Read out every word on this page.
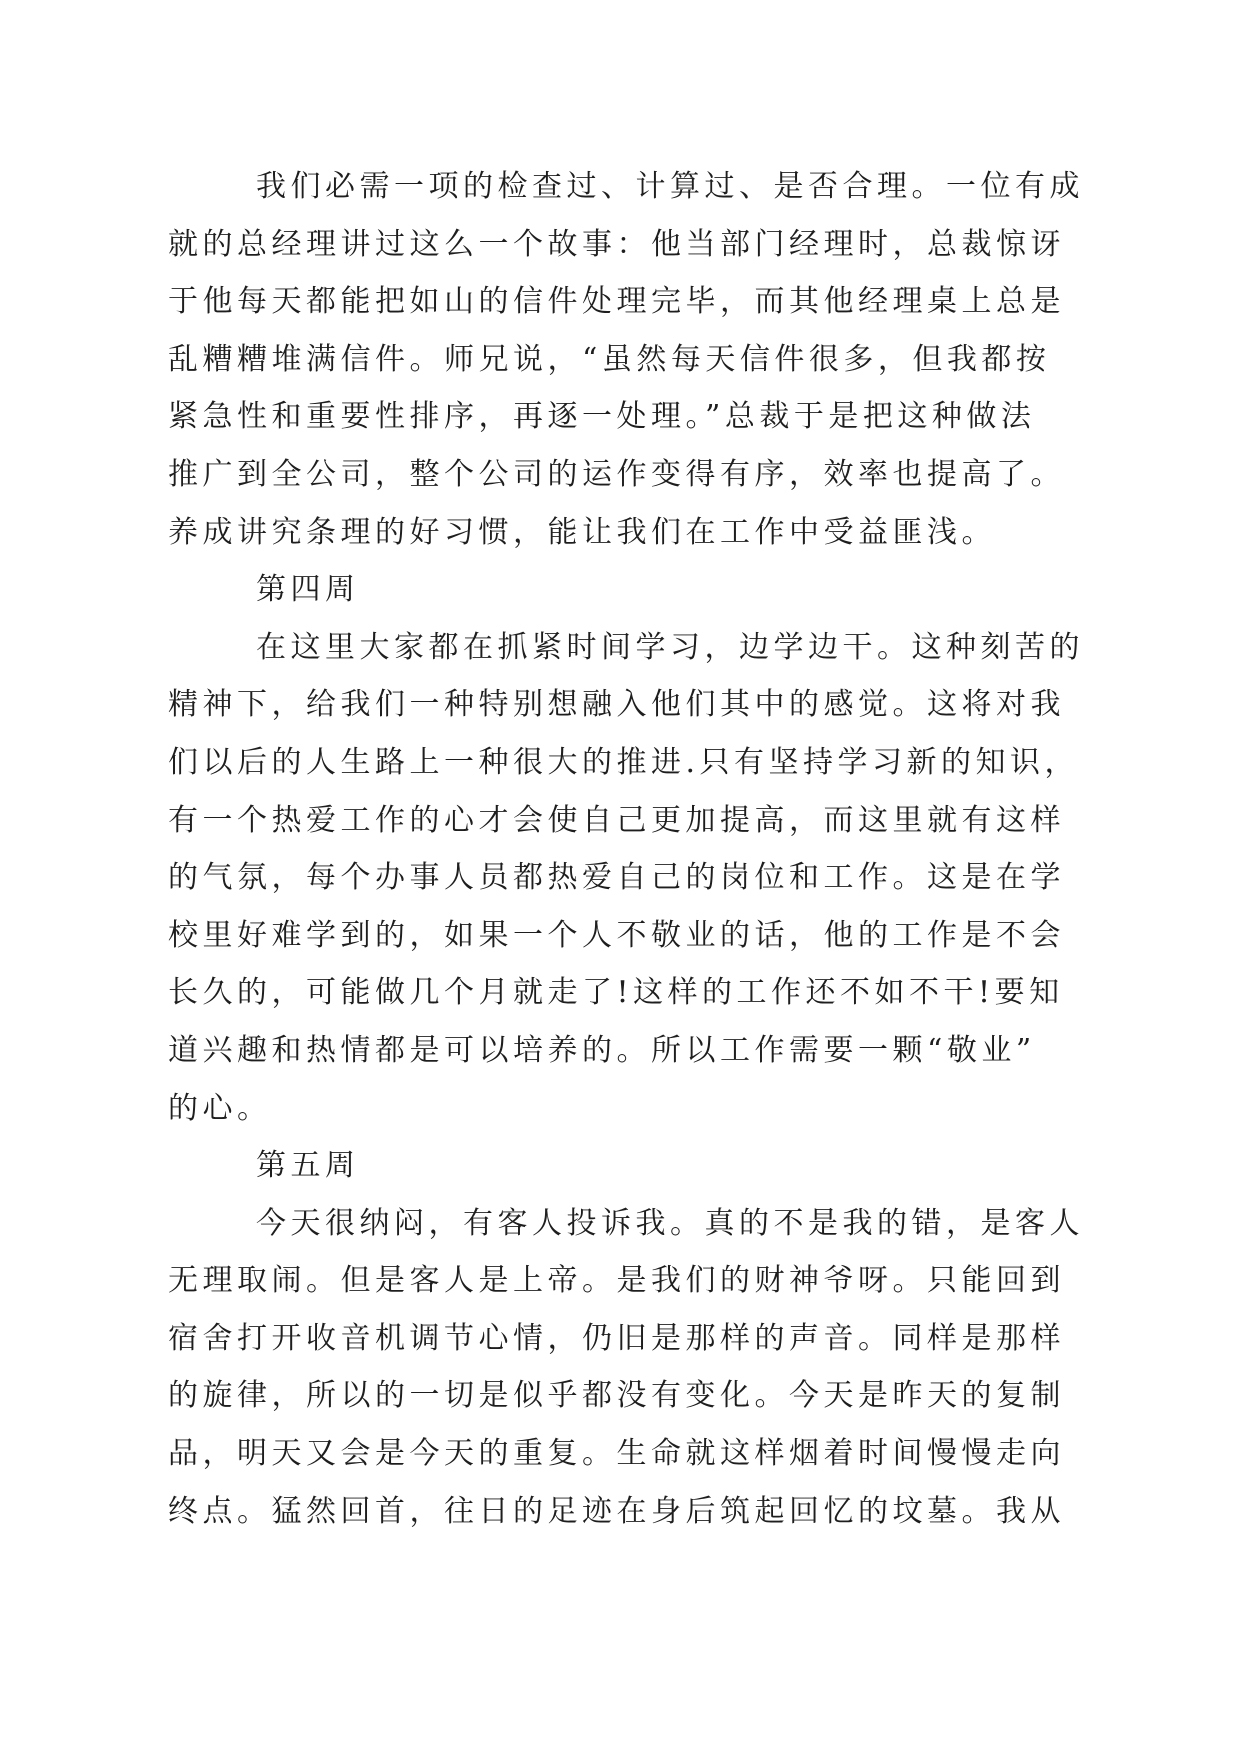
我们必需一项的检查过、计算过、是否合理。一位有成
就的总经理讲过这么一个故事：他当部门经理时，总裁惊讶
于他每天都能把如山的信件处理完毕，而其他经理桌上总是
乱糟糟堆满信件。师兄说，“虽然每天信件很多，但我都按
紧急性和重要性排序，再逐一处理。”总裁于是把这种做法
推广到全公司，整个公司的运作变得有序，效率也提高了。
养成讲究条理的好习惯，能让我们在工作中受益匪浅。
第四周
在这里大家都在抓紧时间学习，边学边干。这种刻苦的
精神下，给我们一种特别想融入他们其中的感觉。这将对我
们以后的人生路上一种很大的推进.只有坚持学习新的知识，
有一个热爱工作的心才会使自己更加提高，而这里就有这样
的气氛，每个办事人员都热爱自己的岗位和工作。这是在学
校里好难学到的，如果一个人不敬业的话，他的工作是不会
长久的，可能做几个月就走了!这样的工作还不如不干!要知
道兴趣和热情都是可以培养的。所以工作需要一颗“敬业”
的心。
第五周
今天很纳闷，有客人投诉我。真的不是我的错，是客人
无理取闹。但是客人是上帝。是我们的财神爷呀。只能回到
宿舍打开收音机调节心情，仍旧是那样的声音。同样是那样
的旋律，所以的一切是似乎都没有变化。今天是昨天的复制
品，明天又会是今天的重复。生命就这样烟着时间慢慢走向
终点。猛然回首，往日的足迹在身后筑起回忆的坟墓。我从
